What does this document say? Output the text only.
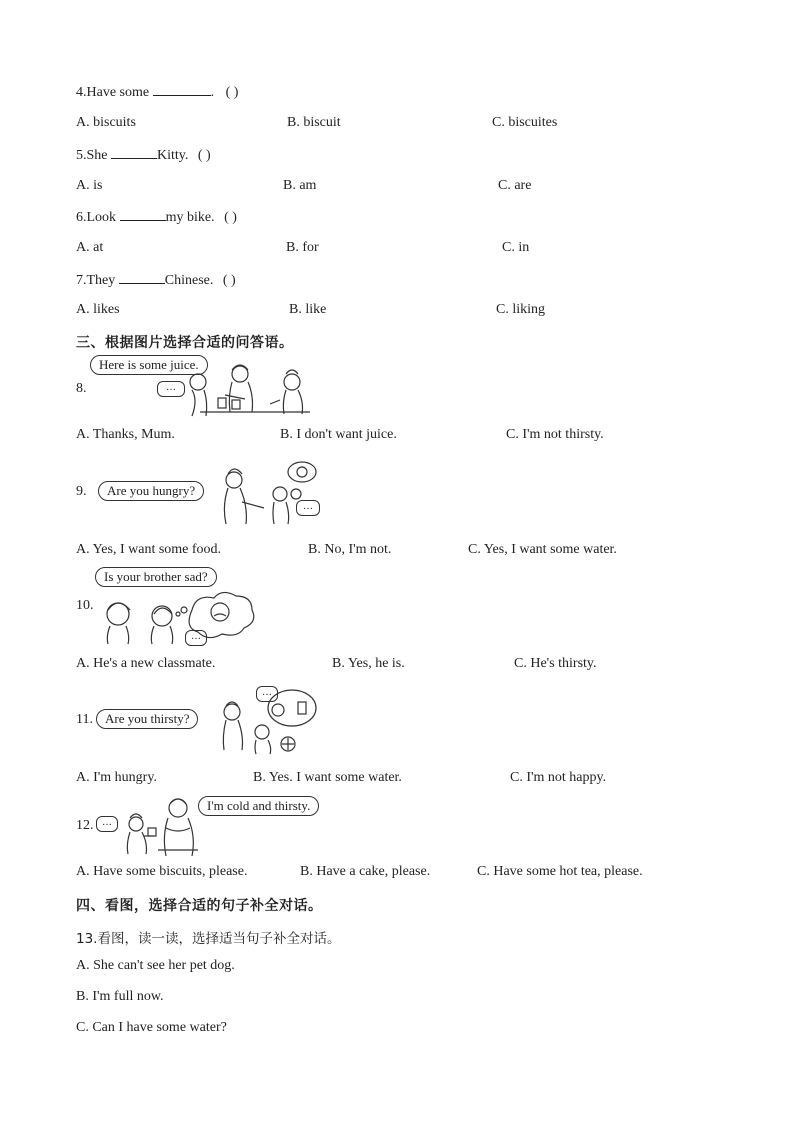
4.Have some	. ( )
A. biscuits	B. biscuit	C. biscuites
5.She	Kitty. ( )
A. is	B. am	C. are
6.Look	my bike. ( )
A. at	B. for	C. in
7.They	Chinese. ( )
A. likes	B. like	C. liking
三、根据图片选择合适的问答语。
8.
Here is some juice.
…
A. Thanks, Mum.	B. I don't want juice.	C. I'm not thirsty.
9.	Are you hungry?
…
A. Yes, I want some food.	B. No, I'm not.	C. Yes, I want some water.
10.
Is your brother sad?
…
A. He's a new classmate.	B. Yes, he is.	C. He's thirsty.
11. Are you thirsty?
…
A. I'm hungry.	B. Yes. I want some water.	C. I'm not happy.
12.
I'm cold and thirsty.
…
A. Have some biscuits, please.	B. Have a cake, please.	C. Have some hot tea, please.
四、看图，选择合适的句子补全对话。
13.看图，读一读，选择适当句子补全对话。
A. She can't see her pet dog.
B. I'm full now.
C. Can I have some water?
